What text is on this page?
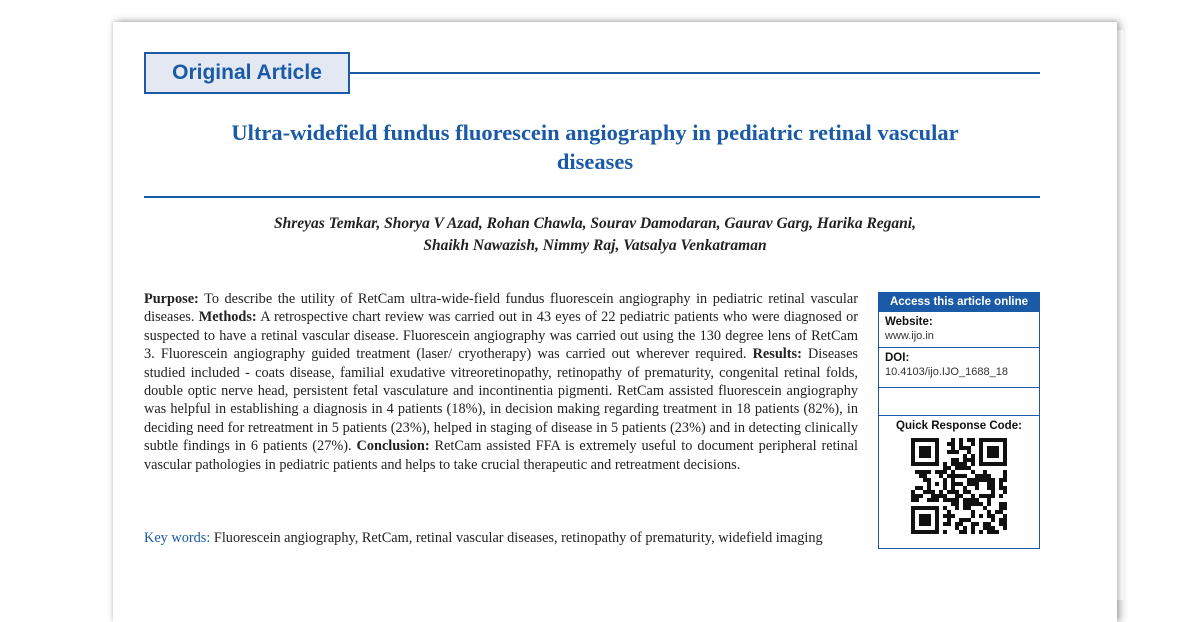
Original Article
Ultra-widefield fundus fluorescein angiography in pediatric retinal vascular
diseases
Shreyas Temkar, Shorya V Azad, Rohan Chawla, Sourav Damodaran, Gaurav Garg, Harika Regani,
Shaikh Nawazish, Nimmy Raj, Vatsalya Venkatraman
Purpose: To describe the utility of RetCam ultra-wide-field fundus fluorescein angiography in pediatric retinal vascular diseases. Methods: A retrospective chart review was carried out in 43 eyes of 22 pediatric patients who were diagnosed or suspected to have a retinal vascular disease. Fluorescein angiography was carried out using the 130 degree lens of RetCam 3. Fluorescein angiography guided treatment (laser/ cryotherapy) was carried out wherever required. Results: Diseases studied included - coats disease, familial exudative vitreoretinopathy, retinopathy of prematurity, congenital retinal folds, double optic nerve head, persistent fetal vasculature and incontinentia pigmenti. RetCam assisted fluorescein angiography was helpful in establishing a diagnosis in 4 patients (18%), in decision making regarding treatment in 18 patients (82%), in deciding need for retreatment in 5 patients (23%), helped in staging of disease in 5 patients (23%) and in detecting clinically subtle findings in 6 patients (27%). Conclusion: RetCam assisted FFA is extremely useful to document peripheral retinal vascular pathologies in pediatric patients and helps to take crucial therapeutic and retreatment decisions.
Key words: Fluorescein angiography, RetCam, retinal vascular diseases, retinopathy of prematurity, widefield imaging
Access this article online
Website:
www.ijo.in
DOI:
10.4103/ijo.IJO_1688_18
Quick Response Code:
